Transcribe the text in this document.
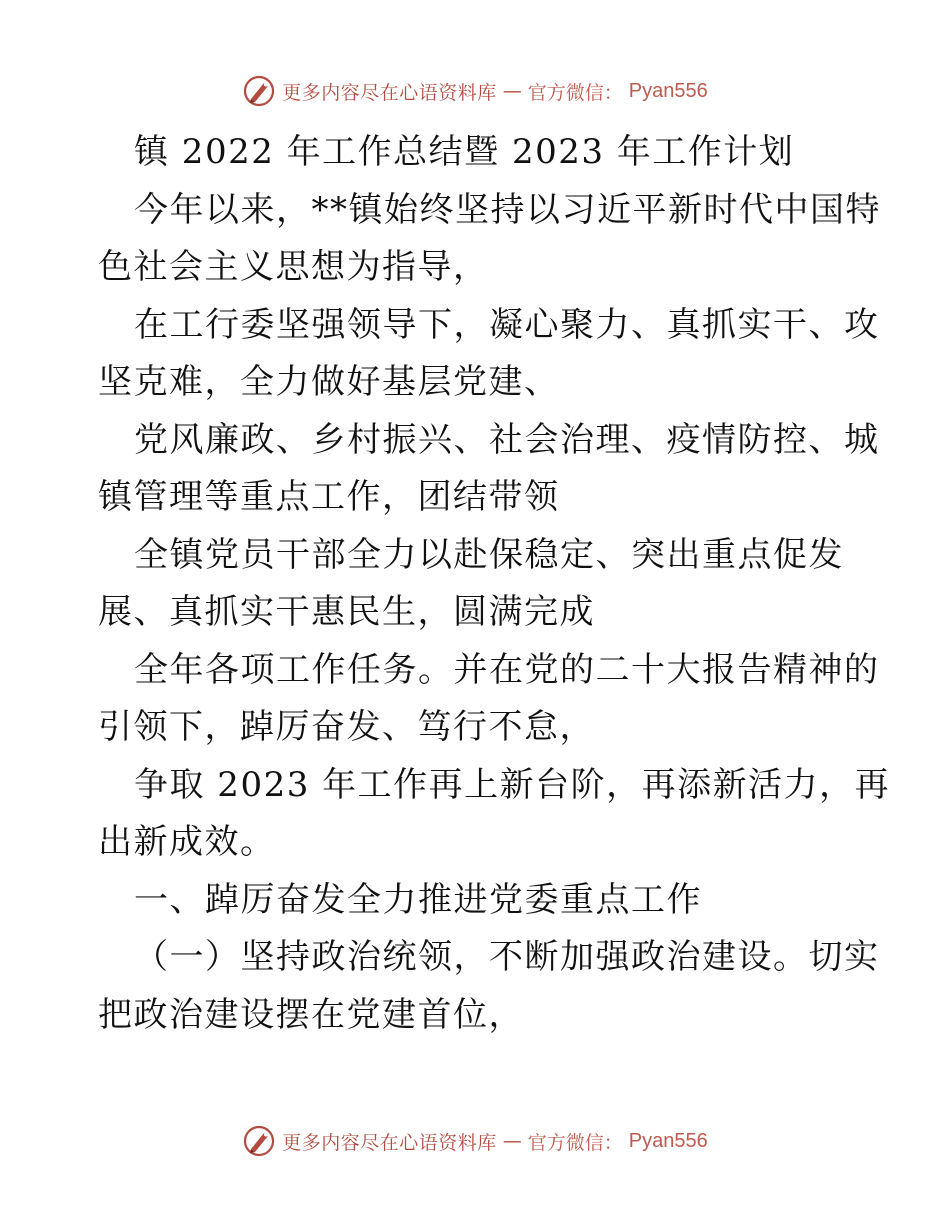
更多内容尽在心语资料库 — 官方微信： Pyan556
镇 2022 年工作总结暨 2023 年工作计划
今年以来，**镇始终坚持以习近平新时代中国特
色社会主义思想为指导，
在工行委坚强领导下，凝心聚力、真抓实干、攻
坚克难，全力做好基层党建、
党风廉政、乡村振兴、社会治理、疫情防控、城
镇管理等重点工作，团结带领
全镇党员干部全力以赴保稳定、突出重点促发
展、真抓实干惠民生，圆满完成
全年各项工作任务。并在党的二十大报告精神的
引领下，踔厉奋发、笃行不怠，
争取 2023 年工作再上新台阶，再添新活力，再
出新成效。
一、踔厉奋发全力推进党委重点工作
（一）坚持政治统领，不断加强政治建设。切实
把政治建设摆在党建首位，
更多内容尽在心语资料库 — 官方微信： Pyan556
